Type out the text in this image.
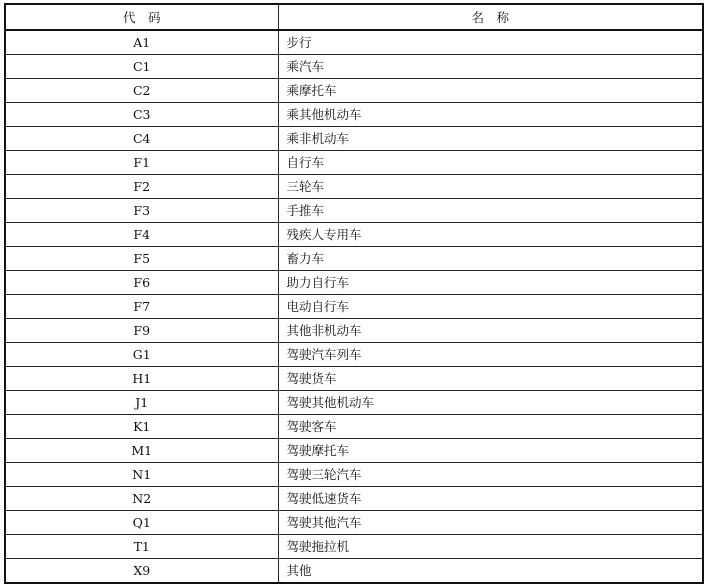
代　码	名　称
A1	步行
C1	乘汽车
C2	乘摩托车
C3	乘其他机动车
C4	乘非机动车
F1	自行车
F2	三轮车
F3	手推车
F4	残疾人专用车
F5	畜力车
F6	助力自行车
F7	电动自行车
F9	其他非机动车
G1	驾驶汽车列车
H1	驾驶货车
J1	驾驶其他机动车
K1	驾驶客车
M1	驾驶摩托车
N1	驾驶三轮汽车
N2	驾驶低速货车
Q1	驾驶其他汽车
T1	驾驶拖拉机
X9	其他
